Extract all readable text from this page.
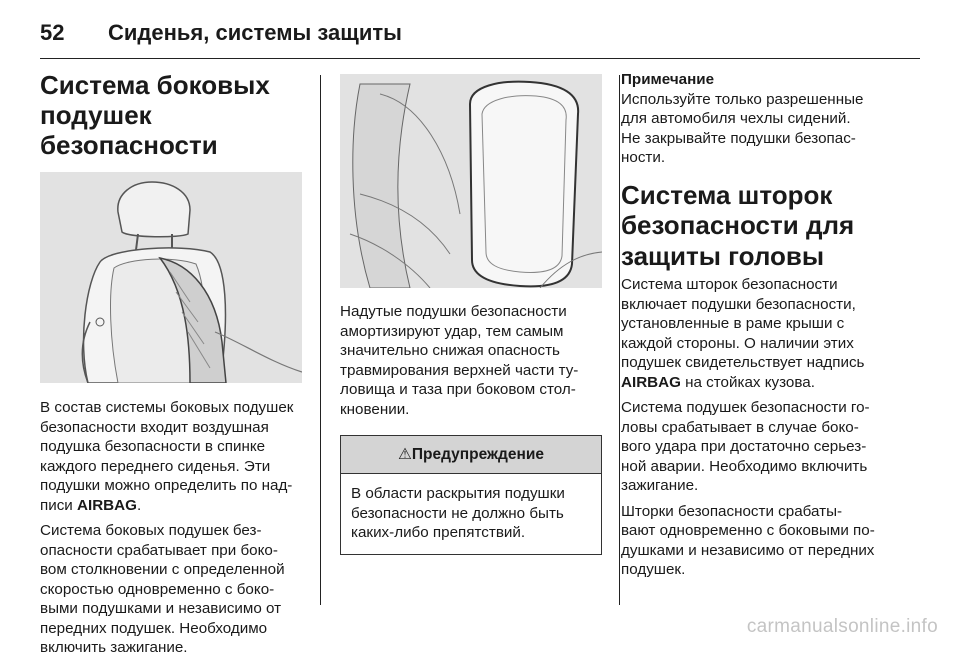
52 Сиденья, системы защиты
Система боковых
подушек безопасности

В состав системы боковых подушек
безопасности входит воздушная
подушка безопасности в спинке
каждого переднего сиденья. Эти
подушки можно определить по над-
писи AIRBAG.

Система боковых подушек без-
опасности срабатывает при боко-
вом столкновении с определенной
скоростью одновременно с боко-
выми подушками и независимо от
передних подушек. Необходимо
включить зажигание.

Надутые подушки безопасности
амортизируют удар, тем самым
значительно снижая опасность
травмирования верхней части ту-
ловища и таза при боковом стол-
кновении.

⚠Предупреждение

В области раскрытия подушки
безопасности не должно быть
каких-либо препятствий.

Примечание

Используйте только разрешенные
для автомобиля чехлы сидений.
Не закрывайте подушки безопас-
ности.

Система шторок
безопасности для
защиты головы

Система шторок безопасности
включает подушки безопасности,
установленные в раме крыши с
каждой стороны. О наличии этих
подушек свидетельствует надпись
AIRBAG на стойках кузова.

Система подушек безопасности го-
ловы срабатывает в случае боко-
вого удара при достаточно серьез-
ной аварии. Необходимо включить
зажигание.

Шторки безопасности срабаты-
вают одновременно с боковыми по-
душками и независимо от передних
подушек.

carmanualsonline.info
